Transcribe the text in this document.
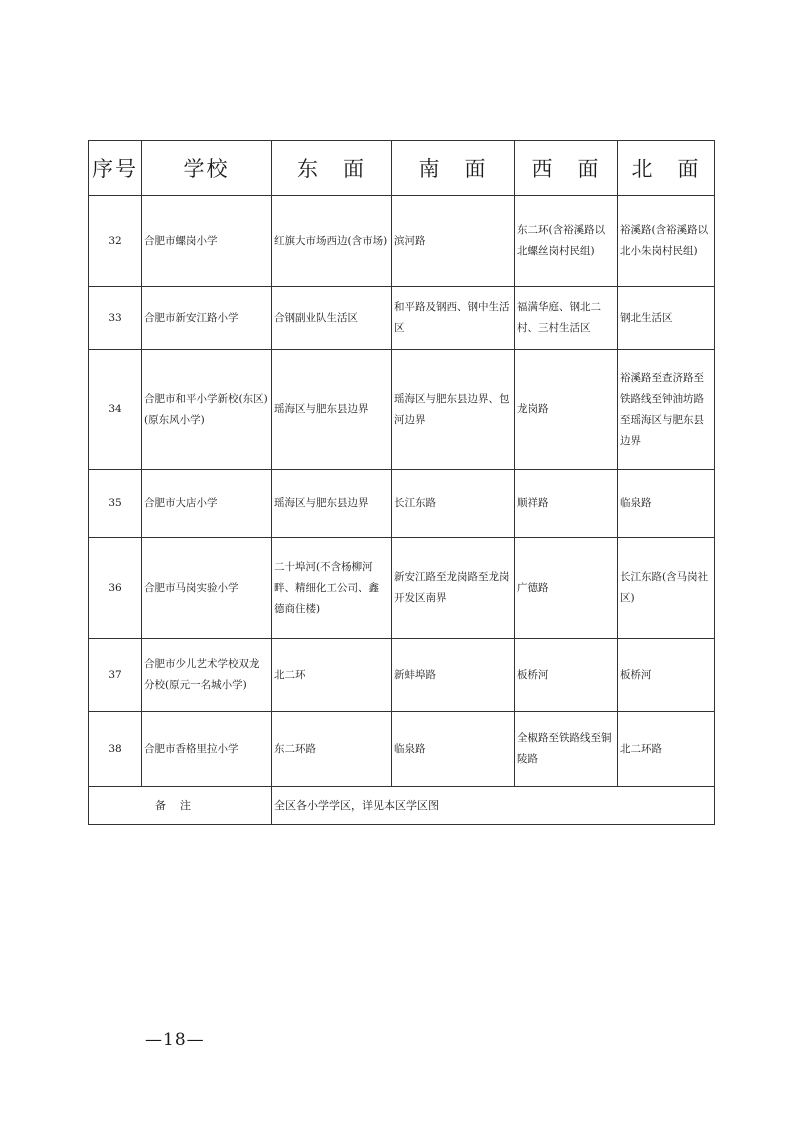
序号	学校	东　面	南　面	西　面	北　面
32	合肥市螺岗小学	红旗大市场西边(含市场)	滨河路	东二环(含裕溪路以北螺丝岗村民组)	裕溪路(含裕溪路以北小朱岗村民组)
33	合肥市新安江路小学	合钢副业队生活区	和平路及钢西、钢中生活区	福满华庭、钢北二村、三村生活区	钢北生活区
34	合肥市和平小学新校(东区)(原东风小学)	瑶海区与肥东县边界	瑶海区与肥东县边界、包河边界	龙岗路	裕溪路至查济路至铁路线至钟油坊路至瑶海区与肥东县边界
35	合肥市大店小学	瑶海区与肥东县边界	长江东路	顺祥路	临泉路
36	合肥市马岗实验小学	二十埠河(不含杨柳河畔、精细化工公司、鑫德商住楼)	新安江路至龙岗路至龙岗开发区南界	广德路	长江东路(含马岗社区)
37	合肥市少儿艺术学校双龙分校(原元一名城小学)	北二环	新蚌埠路	板桥河	板桥河
38	合肥市香格里拉小学	东二环路	临泉路	全椒路至铁路线至铜陵路	北二环路
备注		全区各小学学区，详见本区学区图			
—18—
